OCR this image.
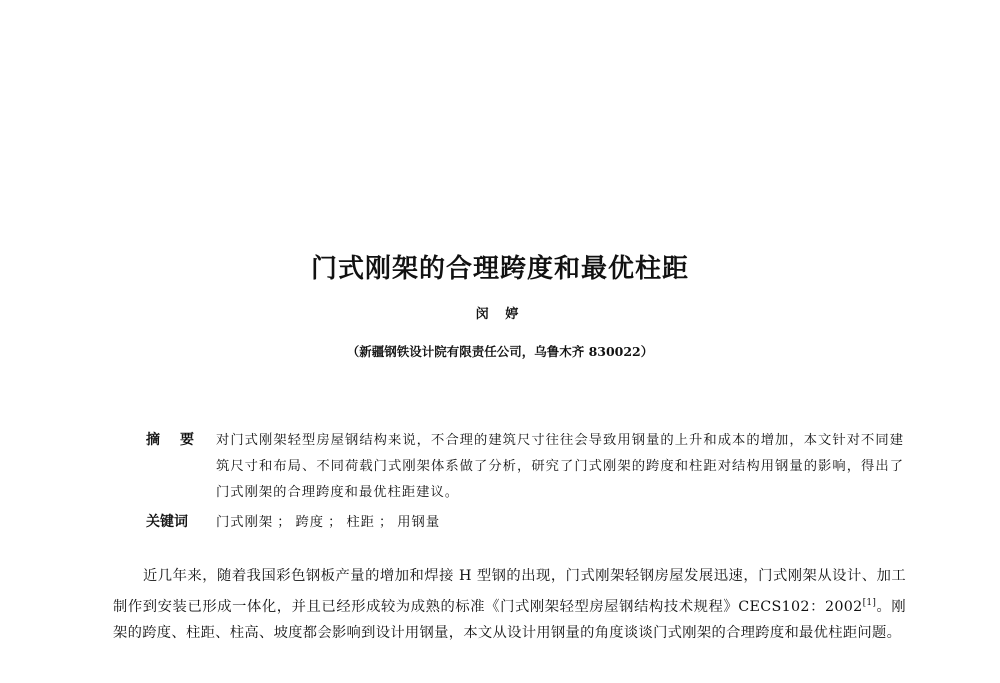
门式刚架的合理跨度和最优柱距
闵 婷
（新疆钢铁设计院有限责任公司，乌鲁木齐 830022）
摘要 对门式刚架轻型房屋钢结构来说，不合理的建筑尺寸往往会导致用钢量的上升和成本的增加，本文针对不同建筑尺寸和布局、不同荷载门式刚架体系做了分析，研究了门式刚架的跨度和柱距对结构用钢量的影响，得出了门式刚架的合理跨度和最优柱距建议。
关键词 门式刚架 ； 跨度 ； 柱距 ； 用钢量
近几年来，随着我国彩色钢板产量的增加和焊接 H 型钢的出现，门式刚架轻钢房屋发展迅速，门式刚架从设计、加工制作到安装已形成一体化，并且已经形成较为成熟的标准《门式刚架轻型房屋钢结构技术规程》CECS102：2002[1]。刚架的跨度、柱距、柱高、坡度都会影响到设计用钢量，本文从设计用钢量的角度谈谈门式刚架的合理跨度和最优柱距问题。
